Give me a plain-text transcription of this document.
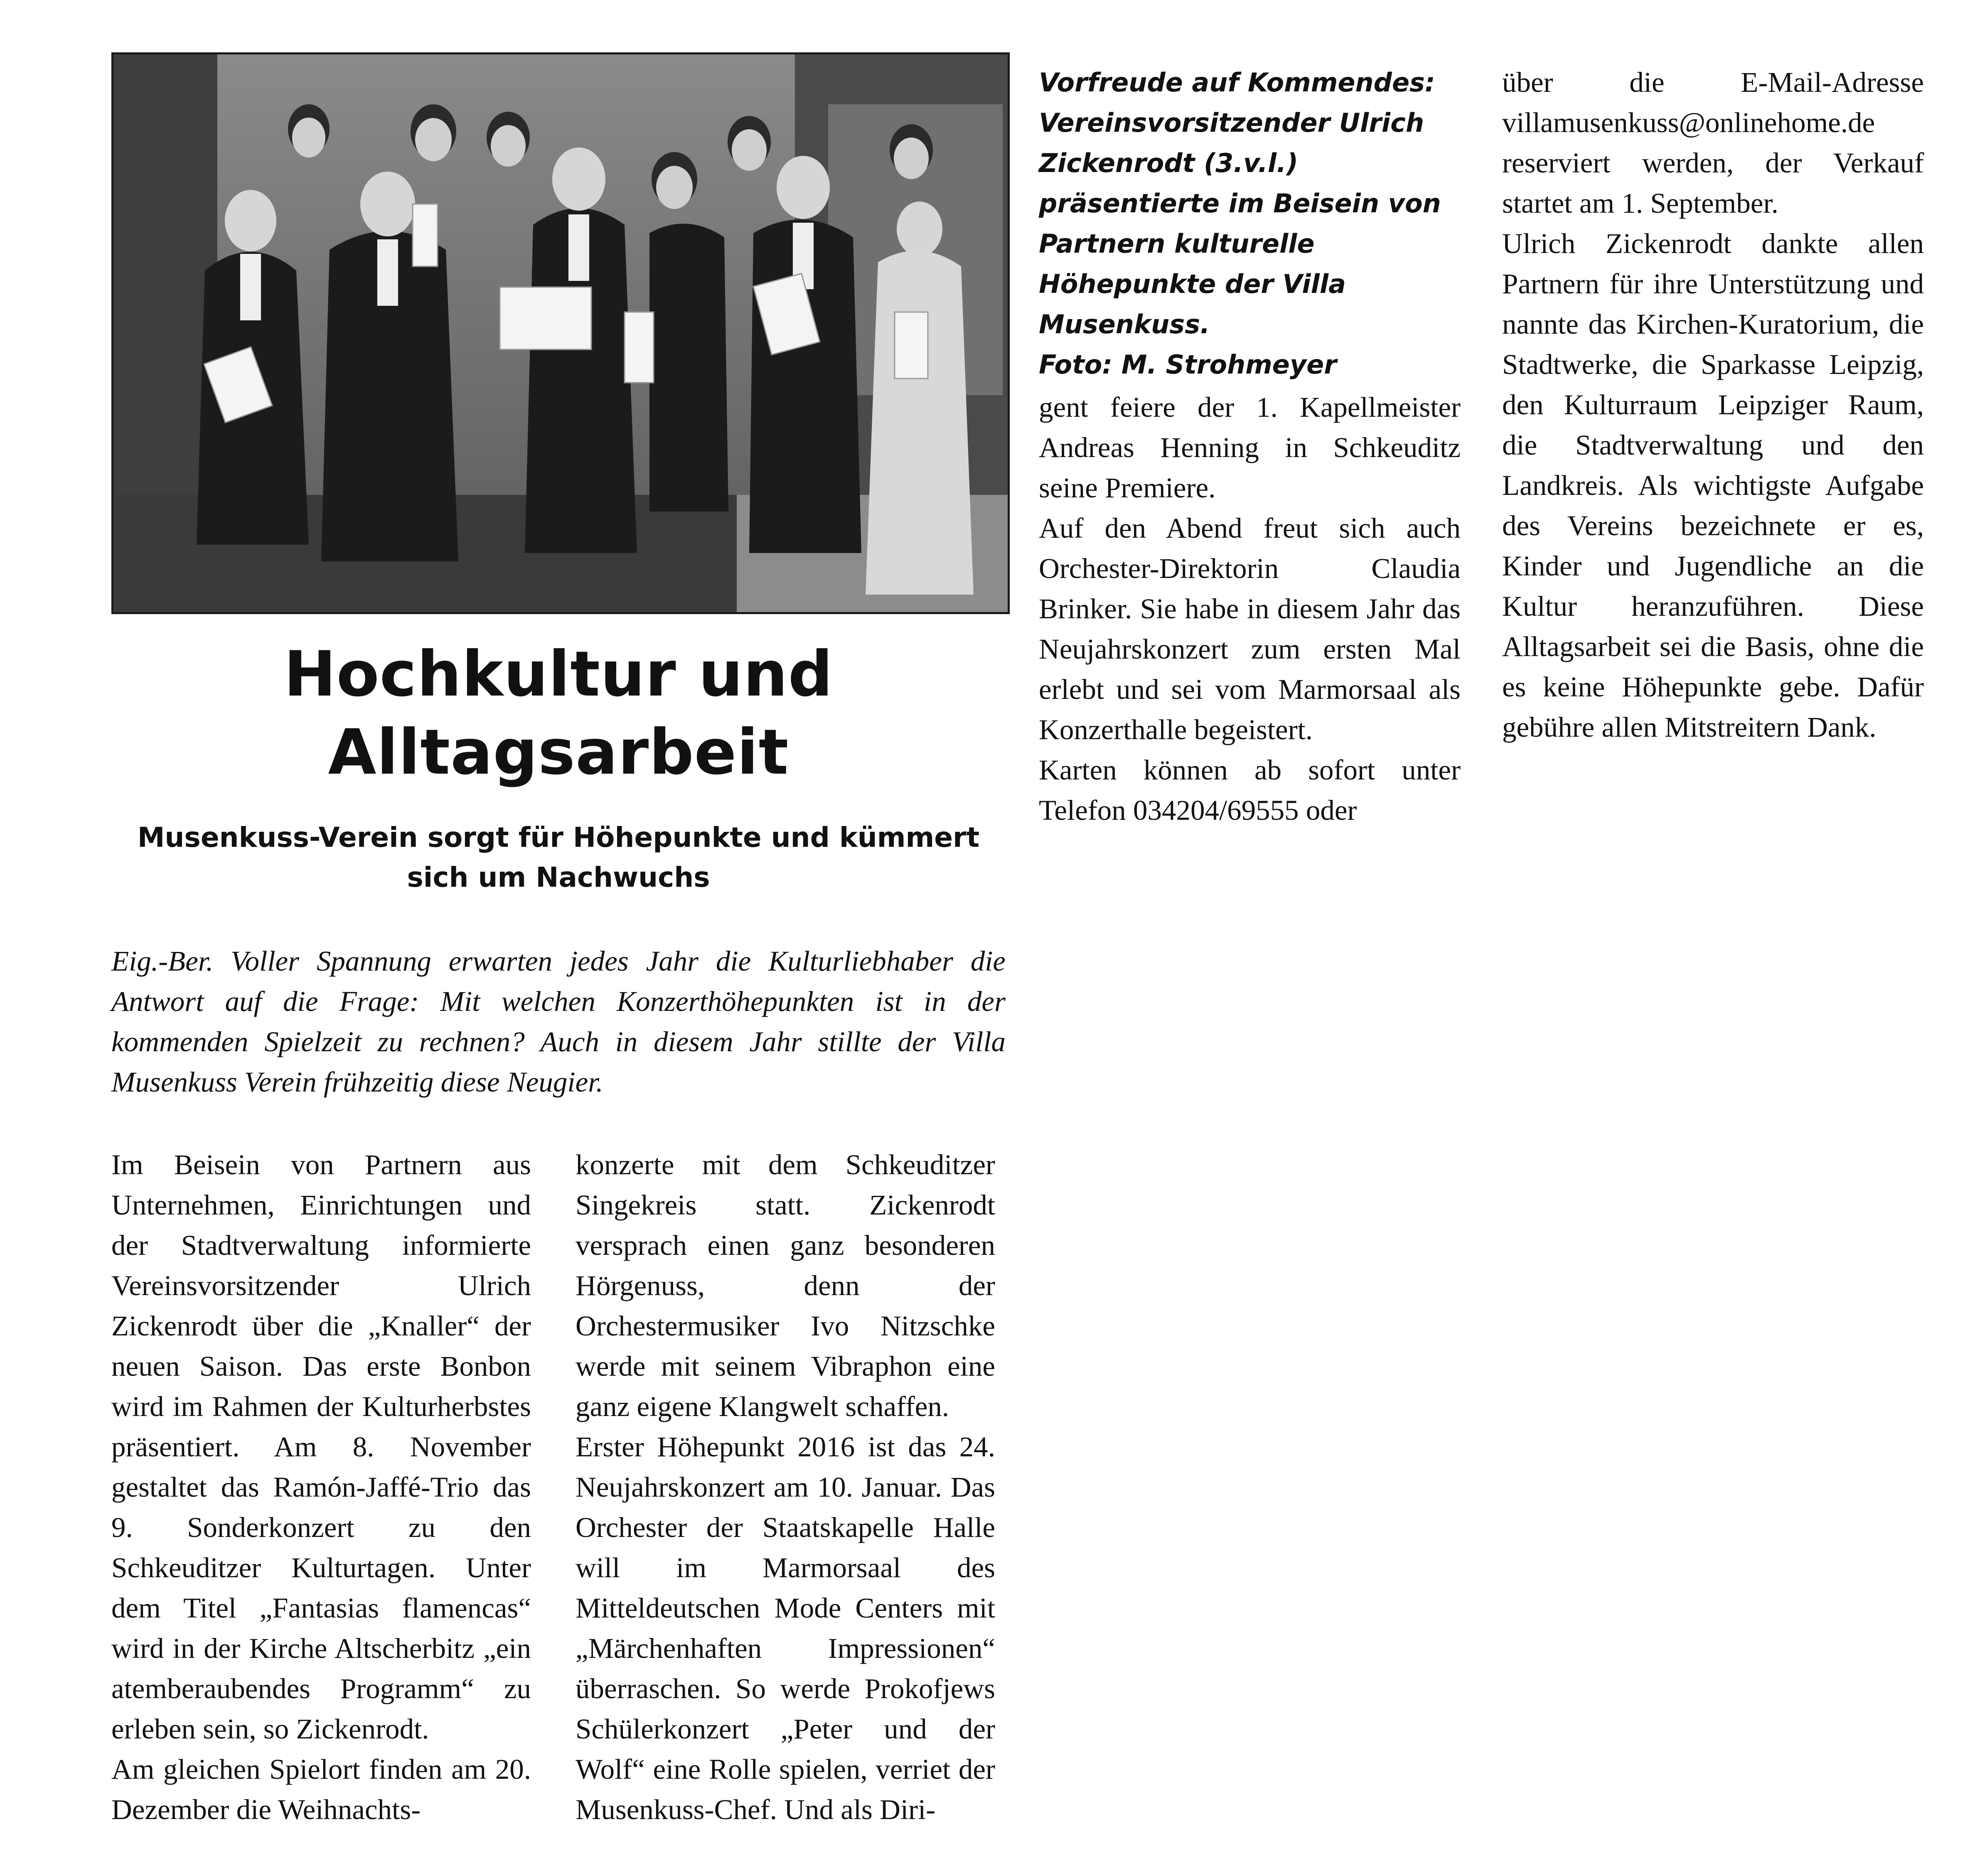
Hochkultur und Alltagsarbeit
Musenkuss-Verein sorgt für Höhepunkte und kümmert sich um Nachwuchs

Eig.-Ber. Voller Spannung erwarten jedes Jahr die Kulturliebhaber die Antwort auf die Frage: Mit welchen Konzerthöhepunkten ist in der kommenden Spielzeit zu rechnen? Auch in diesem Jahr stillte der Villa Musenkuss Verein frühzeitig diese Neugier.

Im Beisein von Partnern aus Unternehmen, Einrichtungen und der Stadtverwaltung informierte Vereinsvorsitzender Ulrich Zickenrodt über die „Knaller“ der neuen Saison. Das erste Bonbon wird im Rahmen der Kulturherbstes präsentiert. Am 8. November gestaltet das Ramón-Jaffé-Trio das 9. Sonderkonzert zu den Schkeuditzer Kulturtagen. Unter dem Titel „Fantasias flamencas“ wird in der Kirche Altscherbitz „ein atemberaubendes Programm“ zu erleben sein, so Zickenrodt.

Am gleichen Spielort finden am 20. Dezember die Weihnachts-

konzerte mit dem Schkeuditzer Singekreis statt. Zickenrodt versprach einen ganz besonderen Hörgenuss, denn der Orchestermusiker Ivo Nitzschke werde mit seinem Vibraphon eine ganz eigene Klangwelt schaffen.

Erster Höhepunkt 2016 ist das 24. Neujahrskonzert am 10. Januar. Das Orchester der Staatskapelle Halle will im Marmorsaal des Mitteldeutschen Mode Centers mit „Märchenhaften Impressionen“ überraschen. So werde Prokofjews Schülerkonzert „Peter und der Wolf“ eine Rolle spielen, verriet der Musenkuss-Chef. Und als Diri-

Vorfreude auf Kommendes: Vereinsvorsitzender Ulrich Zickenrodt (3.v.l.) präsentierte im Beisein von Partnern kulturelle Höhepunkte der Villa Musenkuss.
Foto: M. Strohmeyer

gent feiere der 1. Kapellmeister Andreas Henning in Schkeuditz seine Premiere.

Auf den Abend freut sich auch Orchester-Direktorin Claudia Brinker. Sie habe in diesem Jahr das Neujahrskonzert zum ersten Mal erlebt und sei vom Marmorsaal als Konzerthalle begeistert.

Karten können ab sofort unter Telefon 034204/69555 oder

über die E-Mail-Adresse villamusenkuss@onlinehome.de reserviert werden, der Verkauf startet am 1. September.

Ulrich Zickenrodt dankte allen Partnern für ihre Unterstützung und nannte das Kirchen-Kuratorium, die Stadtwerke, die Sparkasse Leipzig, den Kulturraum Leipziger Raum, die Stadtverwaltung und den Landkreis. Als wichtigste Aufgabe des Vereins bezeichnete er es, Kinder und Jugendliche an die Kultur heranzuführen. Diese Alltagsarbeit sei die Basis, ohne die es keine Höhepunkte gebe. Dafür gebühre allen Mitstreitern Dank.
